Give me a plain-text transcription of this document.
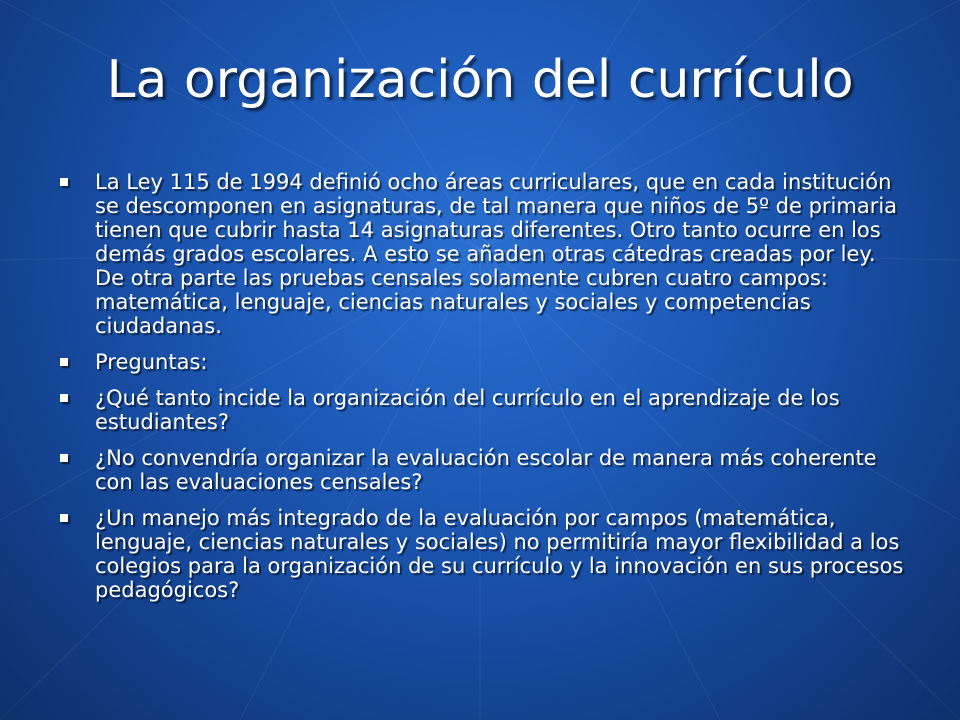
La organización del currículo
La Ley 115 de 1994 definió ocho áreas curriculares, que en cada institución se descomponen en asignaturas, de tal manera que niños de 5º de primaria tienen que cubrir hasta 14 asignaturas diferentes. Otro tanto ocurre en los demás grados escolares. A esto se añaden otras cátedras creadas por ley. De otra parte las pruebas censales solamente cubren cuatro campos: matemática, lenguaje, ciencias naturales y sociales y competencias ciudadanas.
Preguntas:
¿Qué tanto incide la organización del currículo en el aprendizaje de los estudiantes?
¿No convendría organizar la evaluación escolar de manera más coherente con las evaluaciones censales?
¿Un manejo más integrado de la evaluación por campos (matemática, lenguaje, ciencias naturales y sociales) no permitiría mayor flexibilidad a los colegios para la organización de su currículo y la innovación en sus procesos pedagógicos?
